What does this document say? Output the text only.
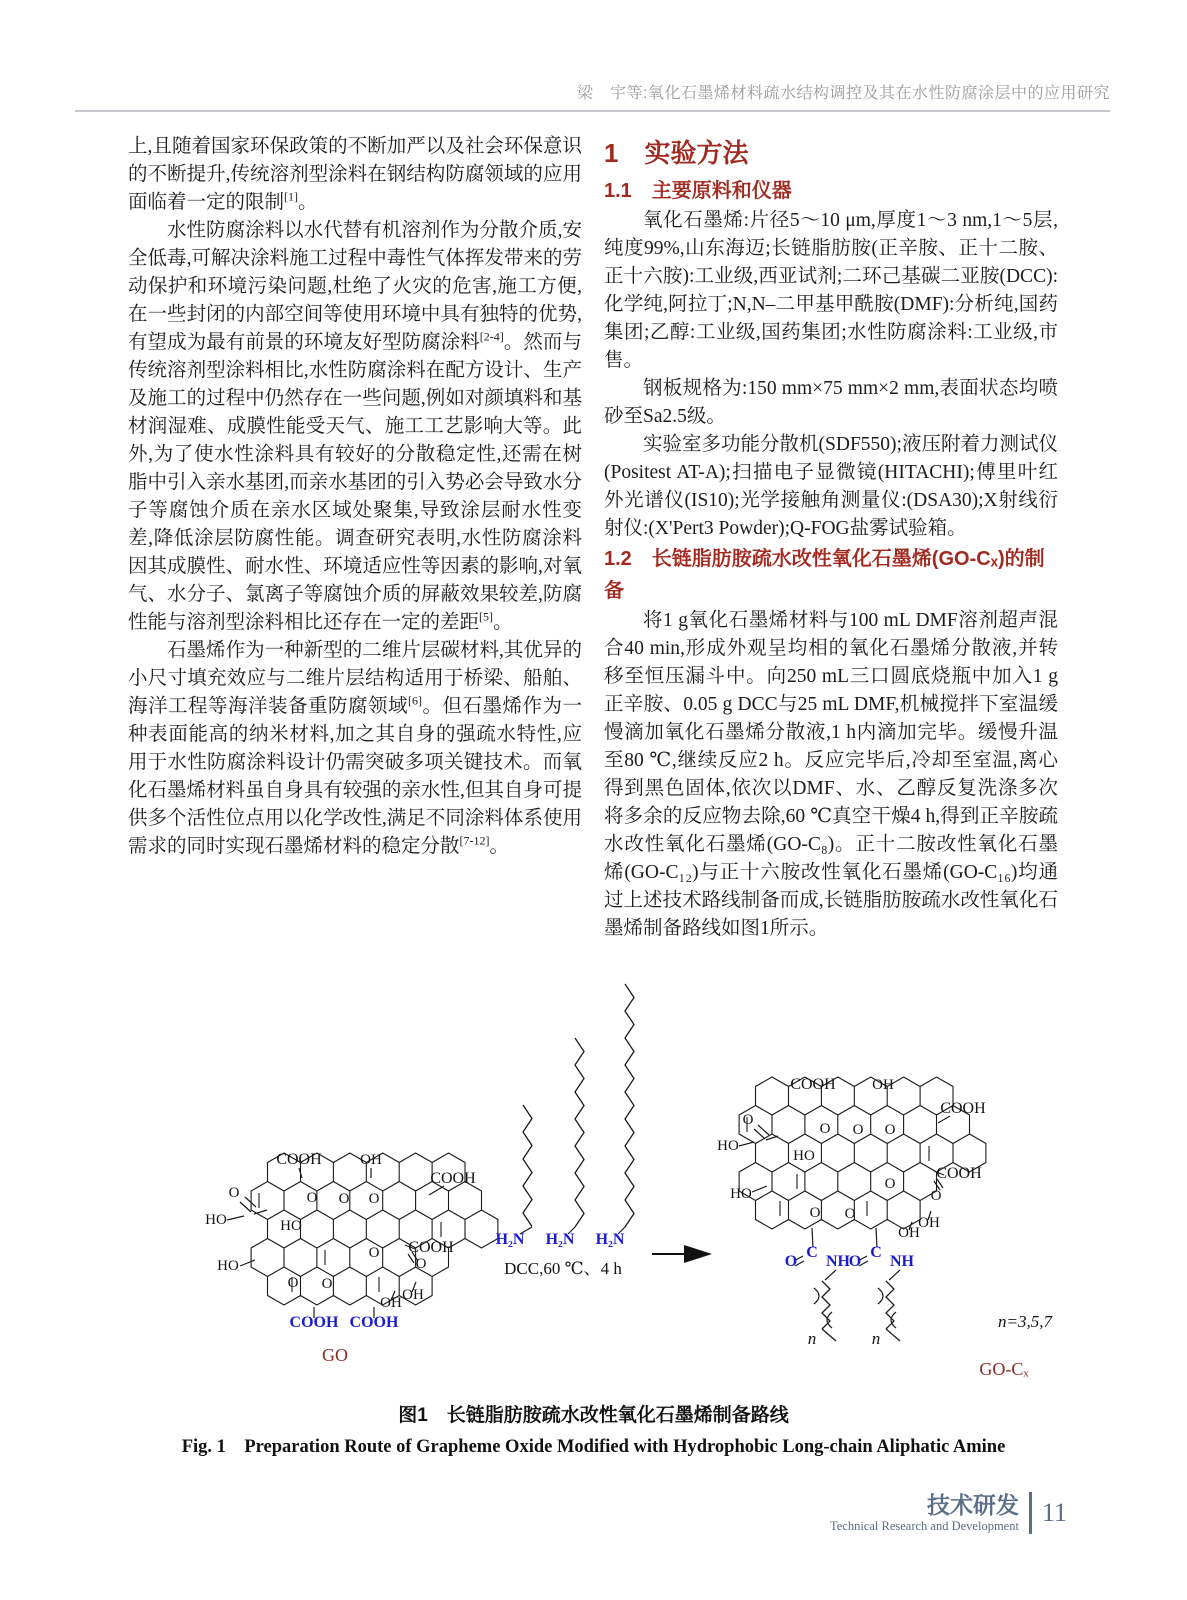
梁　宇等:氧化石墨烯材料疏水结构调控及其在水性防腐涂层中的应用研究

上,且随着国家环保政策的不断加严以及社会环保意识的不断提升,传统溶剂型涂料在钢结构防腐领域的应用面临着一定的限制[1]。

水性防腐涂料以水代替有机溶剂作为分散介质,安全低毒,可解决涂料施工过程中毒性气体挥发带来的劳动保护和环境污染问题,杜绝了火灾的危害,施工方便,在一些封闭的内部空间等使用环境中具有独特的优势,有望成为最有前景的环境友好型防腐涂料[2-4]。然而与传统溶剂型涂料相比,水性防腐涂料在配方设计、生产及施工的过程中仍然存在一些问题,例如对颜填料和基材润湿难、成膜性能受天气、施工工艺影响大等。此外,为了使水性涂料具有较好的分散稳定性,还需在树脂中引入亲水基团,而亲水基团的引入势必会导致水分子等腐蚀介质在亲水区域处聚集,导致涂层耐水性变差,降低涂层防腐性能。调查研究表明,水性防腐涂料因其成膜性、耐水性、环境适应性等因素的影响,对氧气、水分子、氯离子等腐蚀介质的屏蔽效果较差,防腐性能与溶剂型涂料相比还存在一定的差距[5]。

石墨烯作为一种新型的二维片层碳材料,其优异的小尺寸填充效应与二维片层结构适用于桥梁、船舶、海洋工程等海洋装备重防腐领域[6]。但石墨烯作为一种表面能高的纳米材料,加之其自身的强疏水特性,应用于水性防腐涂料设计仍需突破多项关键技术。而氧化石墨烯材料虽自身具有较强的亲水性,但其自身可提供多个活性位点用以化学改性,满足不同涂料体系使用需求的同时实现石墨烯材料的稳定分散[7-12]。

1　实验方法
1.1　主要原料和仪器

氧化石墨烯:片径5～10 μm,厚度1～3 nm,1～5层,纯度99%,山东海迈;长链脂肪胺(正辛胺、正十二胺、正十六胺):工业级,西亚试剂;二环己基碳二亚胺(DCC):化学纯,阿拉丁;N,N–二甲基甲酰胺(DMF):分析纯,国药集团;乙醇:工业级,国药集团;水性防腐涂料:工业级,市售。

钢板规格为:150 mm×75 mm×2 mm,表面状态均喷砂至Sa2.5级。

实验室多功能分散机(SDF550);液压附着力测试仪(Positest AT-A);扫描电子显微镜(HITACHI);傅里叶红外光谱仪(IS10);光学接触角测量仪:(DSA30);X射线衍射仪:(X'Pert3 Powder);Q-FOG盐雾试验箱。

1.2　长链脂肪胺疏水改性氧化石墨烯(GO-Cₓ)的制备

将1 g氧化石墨烯材料与100 mL DMF溶剂超声混合40 min,形成外观呈均相的氧化石墨烯分散液,并转移至恒压漏斗中。向250 mL三口圆底烧瓶中加入1 g正辛胺、0.05 g DCC与25 mL DMF,机械搅拌下室温缓慢滴加氧化石墨烯分散液,1 h内滴加完毕。缓慢升温至80 ℃,继续反应2 h。反应完毕后,冷却至室温,离心得到黑色固体,依次以DMF、水、乙醇反复洗涤多次将多余的反应物去除,60 ℃真空干燥4 h,得到正辛胺疏水改性氧化石墨烯(GO-C₈)。正十二胺改性氧化石墨烯(GO-C₁₂)与正十六胺改性氧化石墨烯(GO-C₁₆)均通过上述技术路线制备而成,长链脂肪胺疏水改性氧化石墨烯制备路线如图1所示。

H₂N H₂N H₂N
DCC,60 ℃、4 h
n=3,5,7
GO
GO-Cₓ
COOH	OH
COOH
O
HO	HO
O O O
HO
COOH
O
O
O O
OH
OH
COOH COOH
COOH OH
COOH
O
HO
HO
O O O
HO
COOH
O
O
O O
OH
OH
O
C
NH
O
C
NH
n	n
图1　长链脂肪胺疏水改性氧化石墨烯制备路线
Fig. 1　Preparation Route of Grapheme Oxide Modified with Hydrophobic Long-chain Aliphatic Amine
技术研发
Technical Research and Development 11
